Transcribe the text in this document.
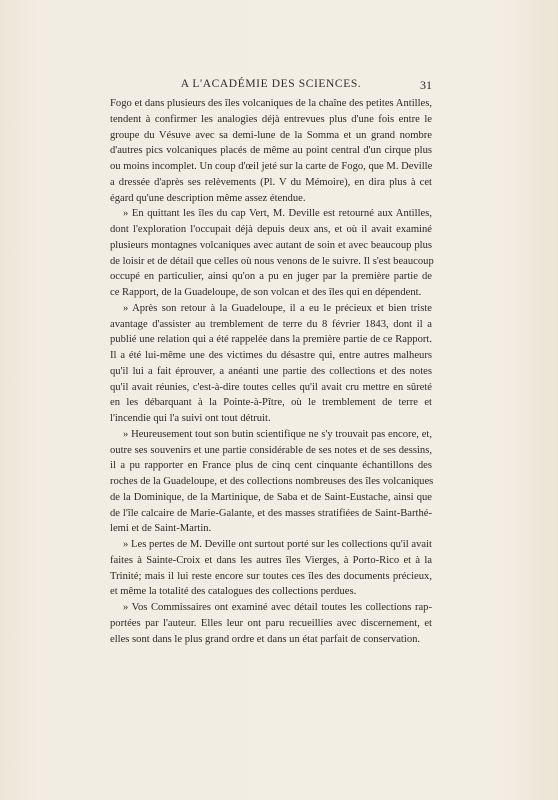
A L'ACADÉMIE DES SCIENCES.	31
Fogo et dans plusieurs des îles volcaniques de la chaîne des petites Antilles,
tendent à confirmer les analogies déjà entrevues plus d'une fois entre le
groupe du Vésuve avec sa demi-lune de la Somma et un grand nombre
d'autres pics volcaniques placés de même au point central d'un cirque plus
ou moins incomplet. Un coup d'œil jeté sur la carte de Fogo, que M. Deville
a dressée d'après ses relèvements (Pl. V du Mémoire), en dira plus à cet
égard qu'une description même assez étendue.
» En quittant les îles du cap Vert, M. Deville est retourné aux Antilles,
dont l'exploration l'occupait déjà depuis deux ans, et où il avait examiné
plusieurs montagnes volcaniques avec autant de soin et avec beaucoup plus
de loisir et de détail que celles où nous venons de le suivre. Il s'est beaucoup
occupé en particulier, ainsi qu'on a pu en juger par la première partie de
ce Rapport, de la Guadeloupe, de son volcan et des îles qui en dépendent.
» Après son retour à la Guadeloupe, il a eu le précieux et bien triste
avantage d'assister au tremblement de terre du 8 février 1843, dont il a
publié une relation qui a été rappelée dans la première partie de ce Rapport.
Il a été lui-même une des victimes du désastre qui, entre autres malheurs
qu'il lui a fait éprouver, a anéanti une partie des collections et des notes
qu'il avait réunies, c'est-à-dire toutes celles qu'il avait cru mettre en sûreté
en les débarquant à la Pointe-à-Pître, où le tremblement de terre et
l'incendie qui l'a suivi ont tout détruit.
» Heureusement tout son butin scientifique ne s'y trouvait pas encore, et,
outre ses souvenirs et une partie considérable de ses notes et de ses dessins,
il a pu rapporter en France plus de cinq cent cinquante échantillons des
roches de la Guadeloupe, et des collections nombreuses des îles volcaniques
de la Dominique, de la Martinique, de Saba et de Saint-Eustache, ainsi que
de l'île calcaire de Marie-Galante, et des masses stratifiées de Saint-Barthé-
lemi et de Saint-Martin.
» Les pertes de M. Deville ont surtout porté sur les collections qu'il avait
faites à Sainte-Croix et dans les autres îles Vierges, à Porto-Rico et à la
Trinité; mais il lui reste encore sur toutes ces îles des documents précieux,
et même la totalité des catalogues des collections perdues.
» Vos Commissaires ont examiné avec détail toutes les collections rap-
portées par l'auteur. Elles leur ont paru recueillies avec discernement, et
elles sont dans le plus grand ordre et dans un état parfait de conservation.
